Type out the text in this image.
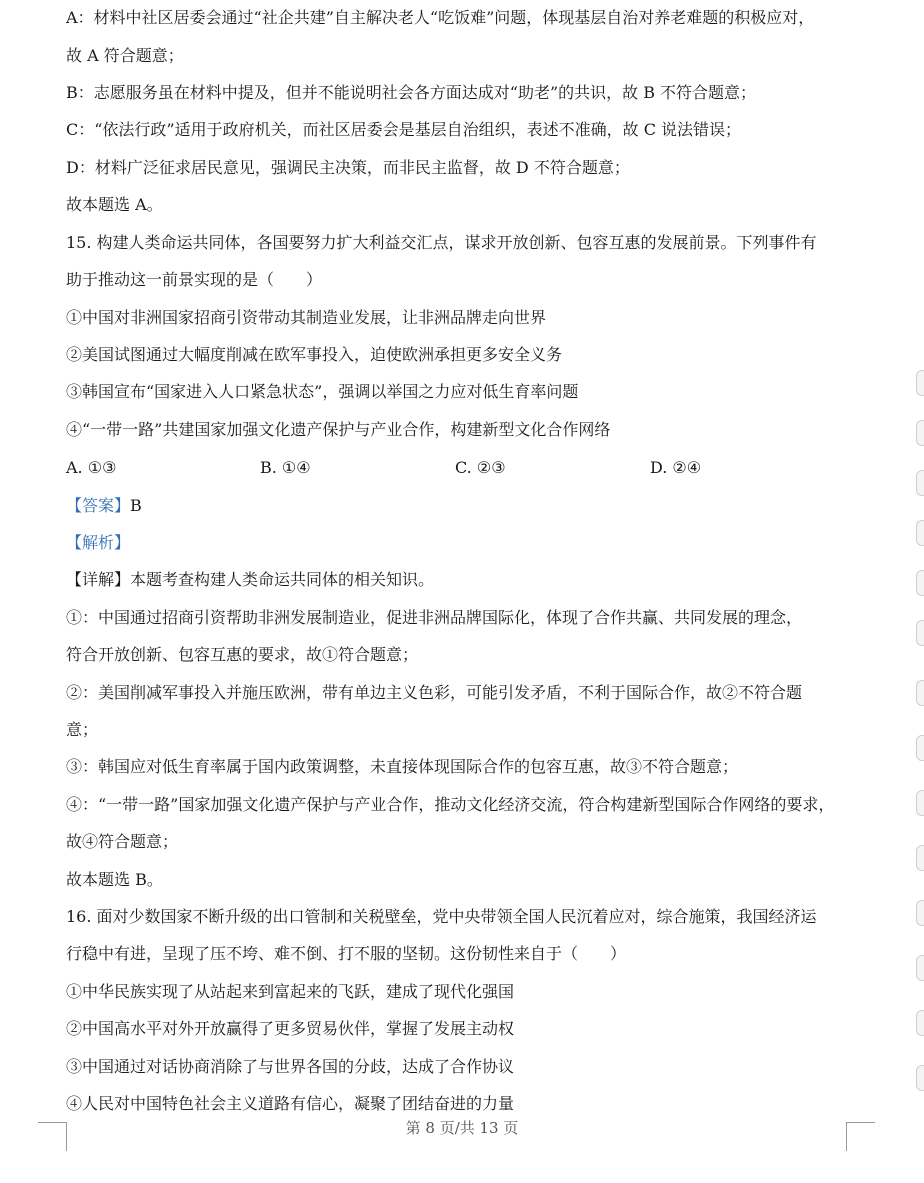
A：材料中社区居委会通过“社企共建”自主解决老人“吃饭难”问题，体现基层自治对养老难题的积极应对，

故 A 符合题意；

B：志愿服务虽在材料中提及，但并不能说明社会各方面达成对“助老”的共识，故 B 不符合题意；

C：“依法行政”适用于政府机关，而社区居委会是基层自治组织，表述不准确，故 C 说法错误；

D：材料广泛征求居民意见，强调民主决策，而非民主监督，故 D 不符合题意；

故本题选 A。

15. 构建人类命运共同体，各国要努力扩大利益交汇点，谋求开放创新、包容互惠的发展前景。下列事件有

助于推动这一前景实现的是（　　）

①中国对非洲国家招商引资带动其制造业发展，让非洲品牌走向世界

②美国试图通过大幅度削减在欧军事投入，迫使欧洲承担更多安全义务

③韩国宣布“国家进入人口紧急状态”，强调以举国之力应对低生育率问题

④“一带一路”共建国家加强文化遗产保护与产业合作，构建新型文化合作网络

A. ①③	B. ①④	C. ②③	D. ②④

【答案】B

【解析】

【详解】本题考查构建人类命运共同体的相关知识。

①：中国通过招商引资帮助非洲发展制造业，促进非洲品牌国际化，体现了合作共赢、共同发展的理念，

符合开放创新、包容互惠的要求，故①符合题意；

②：美国削减军事投入并施压欧洲，带有单边主义色彩，可能引发矛盾，不利于国际合作，故②不符合题

意；

③：韩国应对低生育率属于国内政策调整，未直接体现国际合作的包容互惠，故③不符合题意；

④：“一带一路”国家加强文化遗产保护与产业合作，推动文化经济交流，符合构建新型国际合作网络的要求，

故④符合题意；

故本题选 B。

16. 面对少数国家不断升级的出口管制和关税壁垒，党中央带领全国人民沉着应对，综合施策，我国经济运

行稳中有进，呈现了压不垮、难不倒、打不服的坚韧。这份韧性来自于（　　）

①中华民族实现了从站起来到富起来的飞跃，建成了现代化强国

②中国高水平对外开放赢得了更多贸易伙伴，掌握了发展主动权

③中国通过对话协商消除了与世界各国的分歧，达成了合作协议

④人民对中国特色社会主义道路有信心，凝聚了团结奋进的力量

第 8 页/共 13 页
